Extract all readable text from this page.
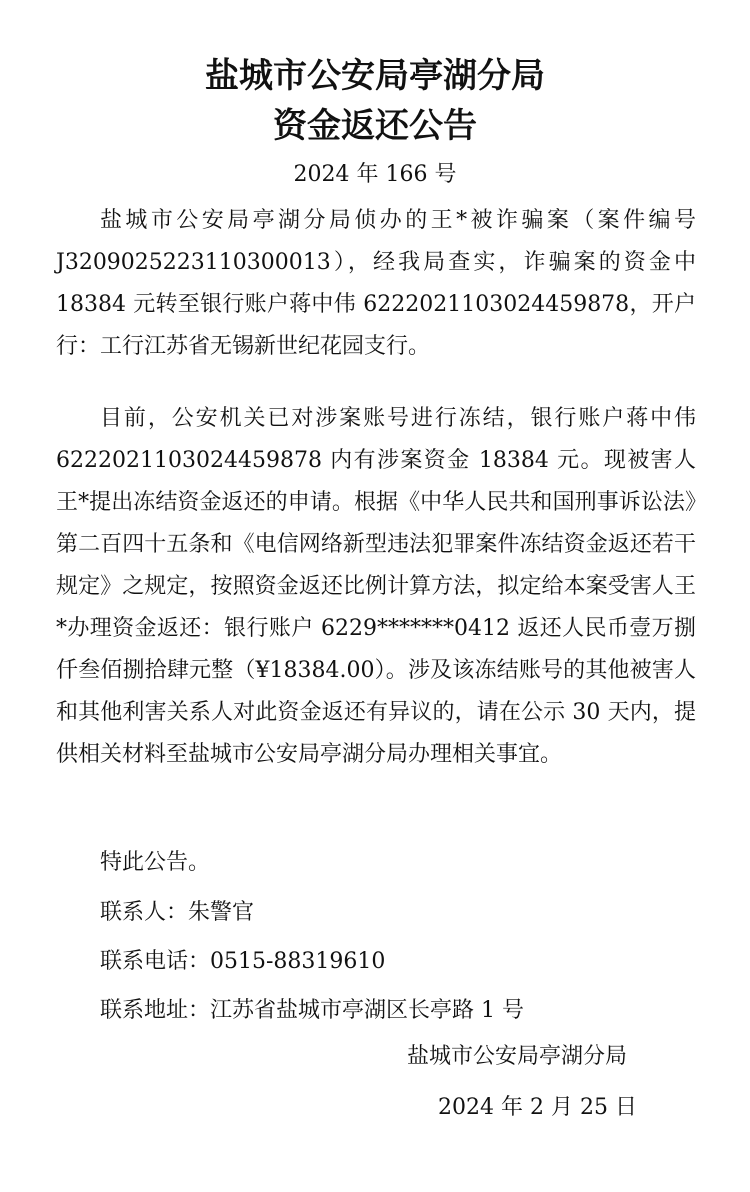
盐城市公安局亭湖分局
资金返还公告
2024 年 166 号

盐城市公安局亭湖分局侦办的王*被诈骗案（案件编号J3209025223110300013），经我局查实，诈骗案的资金中 18384 元转至银行账户蒋中伟 6222021103024459878，开户行：工行江苏省无锡新世纪花园支行。

目前，公安机关已对涉案账号进行冻结，银行账户蒋中伟6222021103024459878 内有涉案资金 18384 元。现被害人王*提出冻结资金返还的申请。根据《中华人民共和国刑事诉讼法》第二百四十五条和《电信网络新型违法犯罪案件冻结资金返还若干规定》之规定，按照资金返还比例计算方法，拟定给本案受害人王*办理资金返还：银行账户 6229*******0412 返还人民币壹万捌仟叁佰捌拾肆元整（¥18384.00）。涉及该冻结账号的其他被害人和其他利害关系人对此资金返还有异议的，请在公示 30 天内，提供相关材料至盐城市公安局亭湖分局办理相关事宜。

特此公告。

联系人：朱警官

联系电话：0515-88319610

联系地址：江苏省盐城市亭湖区长亭路 1 号

盐城市公安局亭湖分局
2024 年 2 月 25 日
